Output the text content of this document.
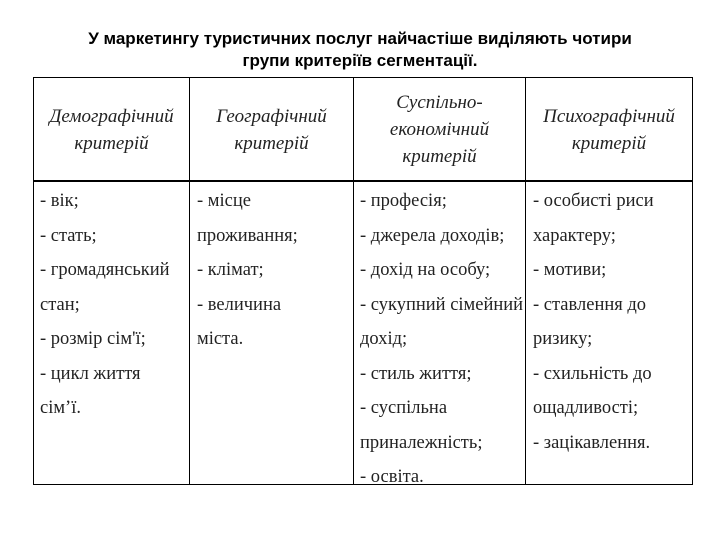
У маркетингу туристичних послуг найчастіше виділяють чотири
групи критеріїв сегментації.
Демографічний
критерій
Географічний
критерій
Суспільно-
економічний
критерій
Психографічний
критерій
- вік;
- стать;
- громадянський
стан;
- розмір сім'ї;
- цикл життя
сім’ї.
- місце
проживання;
- клімат;
- величина
міста.
- професія;
- джерела доходів;
- дохід на особу;
- сукупний сімейний
дохід;
- стиль життя;
- суспільна
приналежність;
- освіта.
- особисті риси
характеру;
- мотиви;
- ставлення до
ризику;
- схильність до
ощадливості;
- зацікавлення.
